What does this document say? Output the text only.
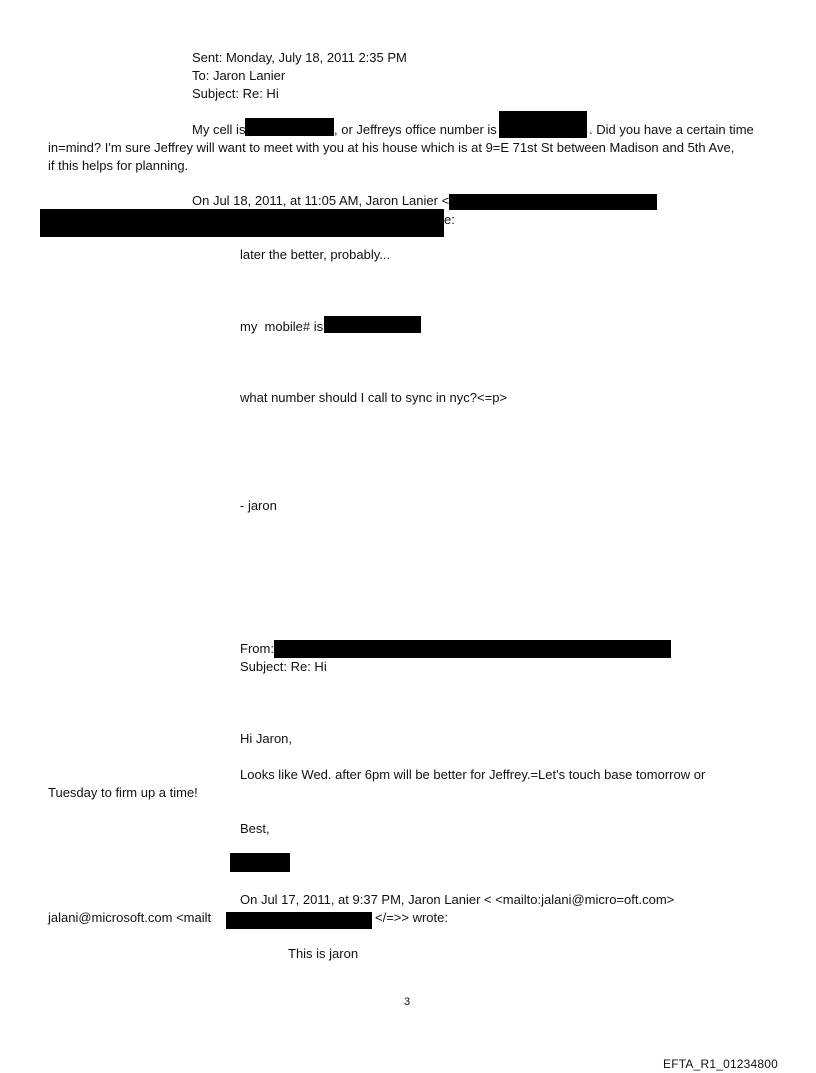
Sent: Monday, July 18, 2011 2:35 PM
To: Jaron Lanier
Subject: Re: Hi
My cell is	, or Jeffreys office number is	. Did you have a certain time
in=mind? I'm sure Jeffrey will want to meet with you at his house which is at 9=E 71st St between Madison and 5th Ave,
if this helps for planning.
On Jul 18, 2011, at 11:05 AM, Jaron Lanier <
e:
later the better, probably...
my  mobile# is
what number should I call to sync in nyc?<=p>
- jaron
From:
Subject: Re: Hi
Hi Jaron,
Looks like Wed. after 6pm will be better for Jeffrey.=Let's touch base tomorrow or
Tuesday to firm up a time!
Best,
On Jul 17, 2011, at 9:37 PM, Jaron Lanier < <mailto:jalani@micro=oft.com>
jalani@microsoft.com <mailt	</=>> wrote:
This is jaron
3
EFTA_R1_01234800
